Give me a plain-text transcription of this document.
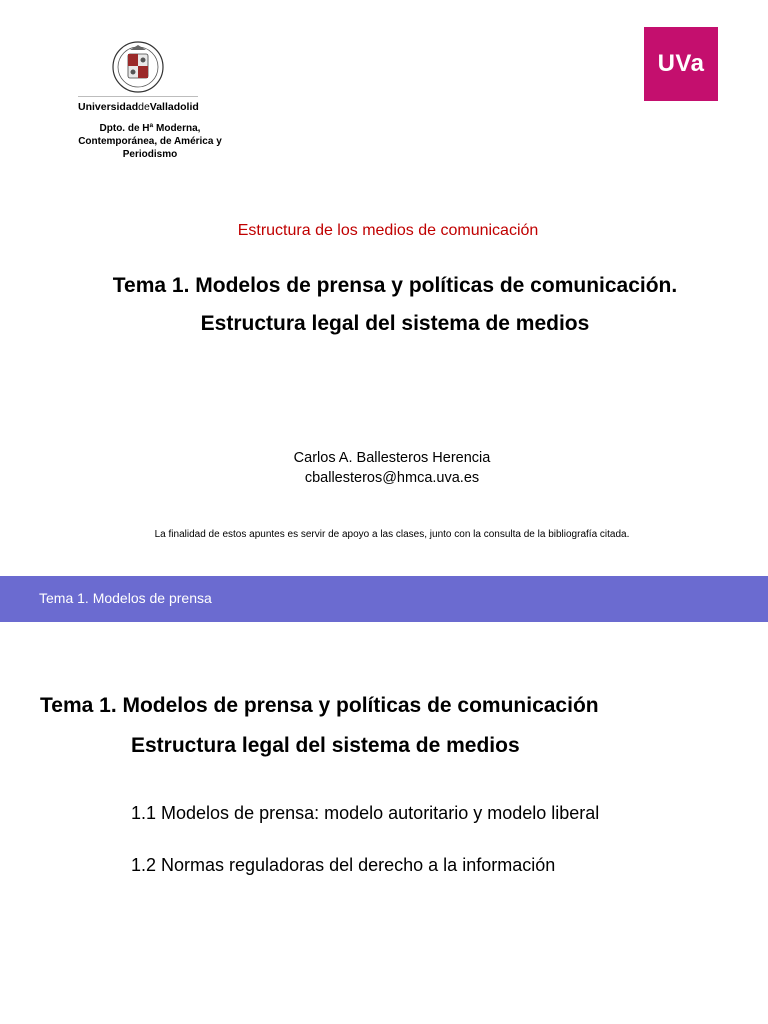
UniversidaddeValladolid
Dpto. de Hª Moderna, Contemporánea, de América y Periodismo
UVa
Estructura de los medios de comunicación
Tema 1. Modelos de prensa y políticas de comunicación.
Estructura legal del sistema de medios
Carlos A. Ballesteros Herencia
cballesteros@hmca.uva.es
La finalidad de estos apuntes es servir de apoyo a las clases, junto con la consulta de la bibliografía citada.
Tema 1. Modelos de prensa
Tema 1. Modelos de prensa y políticas de comunicación
Estructura legal del sistema de medios
1.1 Modelos de prensa: modelo autoritario y modelo liberal
1.2 Normas reguladoras del derecho a la información
